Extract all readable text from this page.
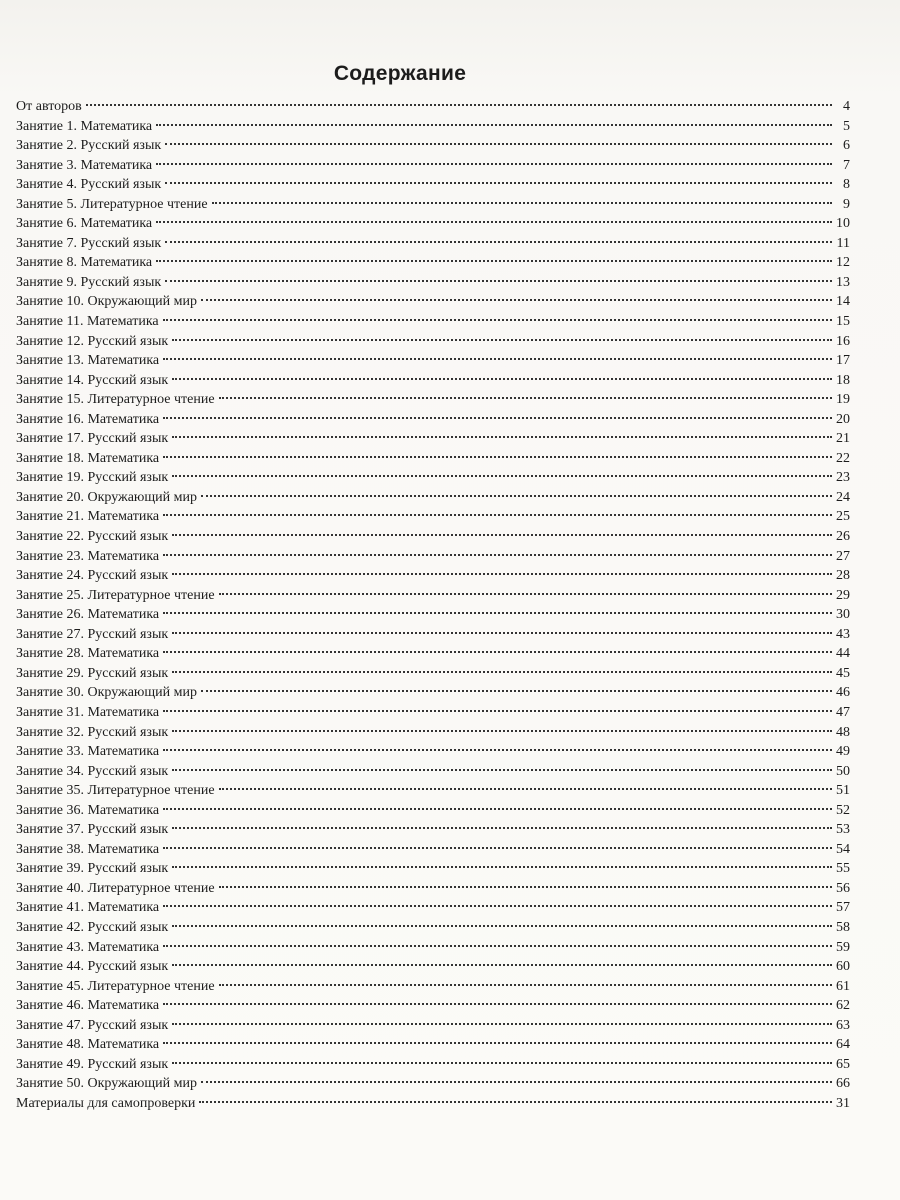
Содержание
От авторов	4
Занятие 1. Математика	5
Занятие 2. Русский язык	6
Занятие 3. Математика	7
Занятие 4. Русский язык	8
Занятие 5. Литературное чтение	9
Занятие 6. Математика	10
Занятие 7. Русский язык	11
Занятие 8. Математика	12
Занятие 9. Русский язык	13
Занятие 10. Окружающий мир	14
Занятие 11. Математика	15
Занятие 12. Русский язык	16
Занятие 13. Математика	17
Занятие 14. Русский язык	18
Занятие 15. Литературное чтение	19
Занятие 16. Математика	20
Занятие 17. Русский язык	21
Занятие 18. Математика	22
Занятие 19. Русский язык	23
Занятие 20. Окружающий мир	24
Занятие 21. Математика	25
Занятие 22. Русский язык	26
Занятие 23. Математика	27
Занятие 24. Русский язык	28
Занятие 25. Литературное чтение	29
Занятие 26. Математика	30
Занятие 27. Русский язык	43
Занятие 28. Математика	44
Занятие 29. Русский язык	45
Занятие 30. Окружающий мир	46
Занятие 31. Математика	47
Занятие 32. Русский язык	48
Занятие 33. Математика	49
Занятие 34. Русский язык	50
Занятие 35. Литературное чтение	51
Занятие 36. Математика	52
Занятие 37. Русский язык	53
Занятие 38. Математика	54
Занятие 39. Русский язык	55
Занятие 40. Литературное чтение	56
Занятие 41. Математика	57
Занятие 42. Русский язык	58
Занятие 43. Математика	59
Занятие 44. Русский язык	60
Занятие 45. Литературное чтение	61
Занятие 46. Математика	62
Занятие 47. Русский язык	63
Занятие 48. Математика	64
Занятие 49. Русский язык	65
Занятие 50. Окружающий мир	66
Материалы для самопроверки	31
